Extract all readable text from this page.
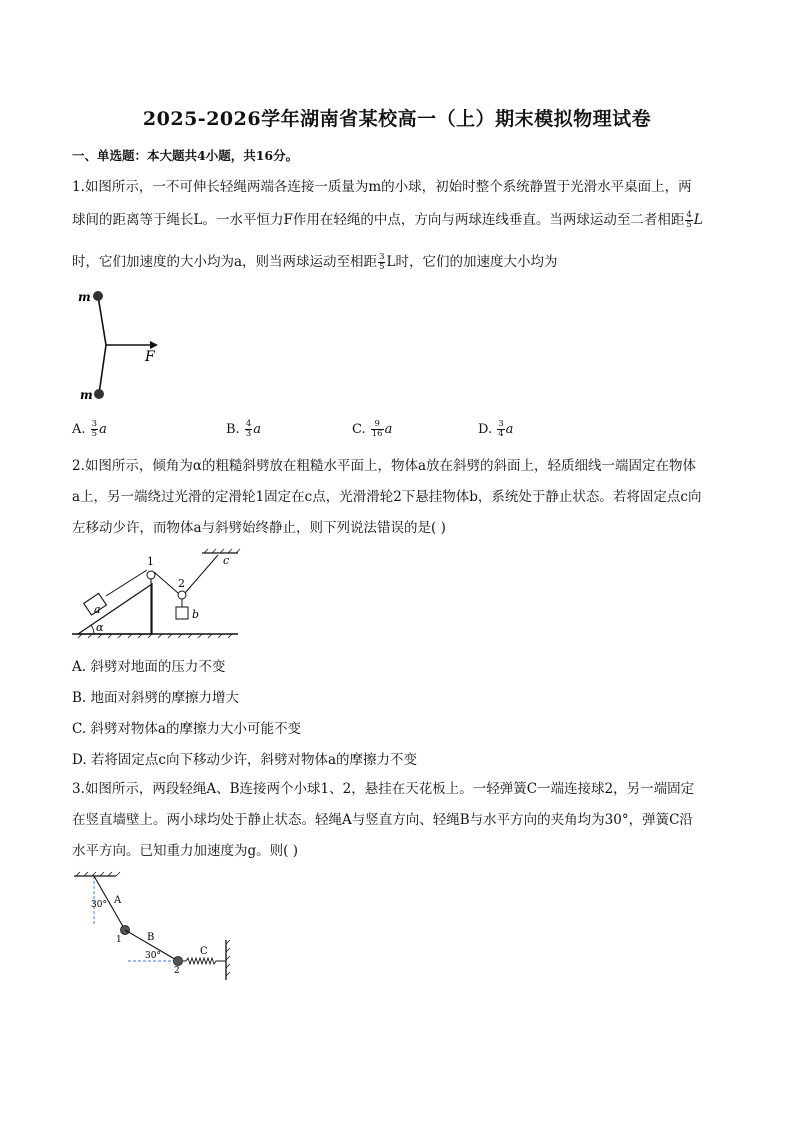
2025-2026学年湖南省某校高一（上）期末模拟物理试卷
一、单选题：本大题共4小题，共16分。
1.如图所示，一不可伸长轻绳两端各连接一质量为m的小球，初始时整个系统静置于光滑水平桌面上，两
球间的距离等于绳长L。一水平恒力F作用在轻绳的中点，方向与两球连线垂直。当两球运动至二者相距 $\frac{4}{5}$ L
时，它们加速度的大小均为a，则当两球运动至相距 $\frac{3}{5}$ L时，它们的加速度大小均为
m
m
F
A. $\frac{3}{5}$ a	B. $\frac{4}{3}$ a	C. $\frac{9}{16}$ a	D. $\frac{3}{4}$ a
2.如图所示，倾角为α的粗糙斜劈放在粗糙水平面上，物体a放在斜劈的斜面上，轻质细线一端固定在物体
a上，另一端绕过光滑的定滑轮1固定在c点，光滑滑轮2下悬挂物体b，系统处于静止状态。若将固定点c向
左移动少许，而物体a与斜劈始终静止，则下列说法错误的是( )
α
a
1
2
b
c
A. 斜劈对地面的压力不变
B. 地面对斜劈的摩擦力增大
C. 斜劈对物体a的摩擦力大小可能不变
D. 若将固定点c向下移动少许，斜劈对物体a的摩擦力不变
3.如图所示，两段轻绳A、B连接两个小球1、2，悬挂在天花板上。一轻弹簧C一端连接球2，另一端固定
在竖直墙壁上。两小球均处于静止状态。轻绳A与竖直方向、轻绳B与水平方向的夹角均为30°，弹簧C沿
水平方向。已知重力加速度为g。则( )
30° A
1	B
30°
2
C
